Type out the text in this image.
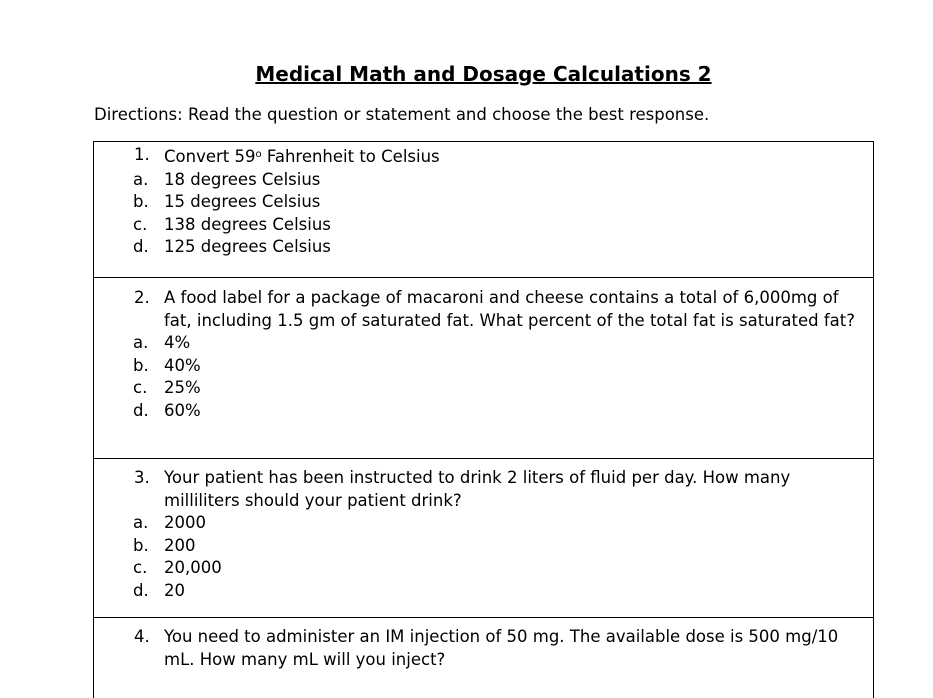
Medical Math and Dosage Calculations 2
Directions: Read the question or statement and choose the best response.
1. Convert 59$^o$ Fahrenheit to Celsius
a. 18 degrees Celsius
b. 15 degrees Celsius
c. 138 degrees Celsius
d. 125 degrees Celsius
2. A food label for a package of macaroni and cheese contains a total of 6,000mg of fat, including 1.5 gm of saturated fat. What percent of the total fat is saturated fat?
a. 4%
b. 40%
c. 25%
d. 60%
3. Your patient has been instructed to drink 2 liters of fluid per day. How many milliliters should your patient drink?
a. 2000
b. 200
c. 20,000
d. 20
4. You need to administer an IM injection of 50 mg. The available dose is 500 mg/10 mL. How many mL will you inject?
